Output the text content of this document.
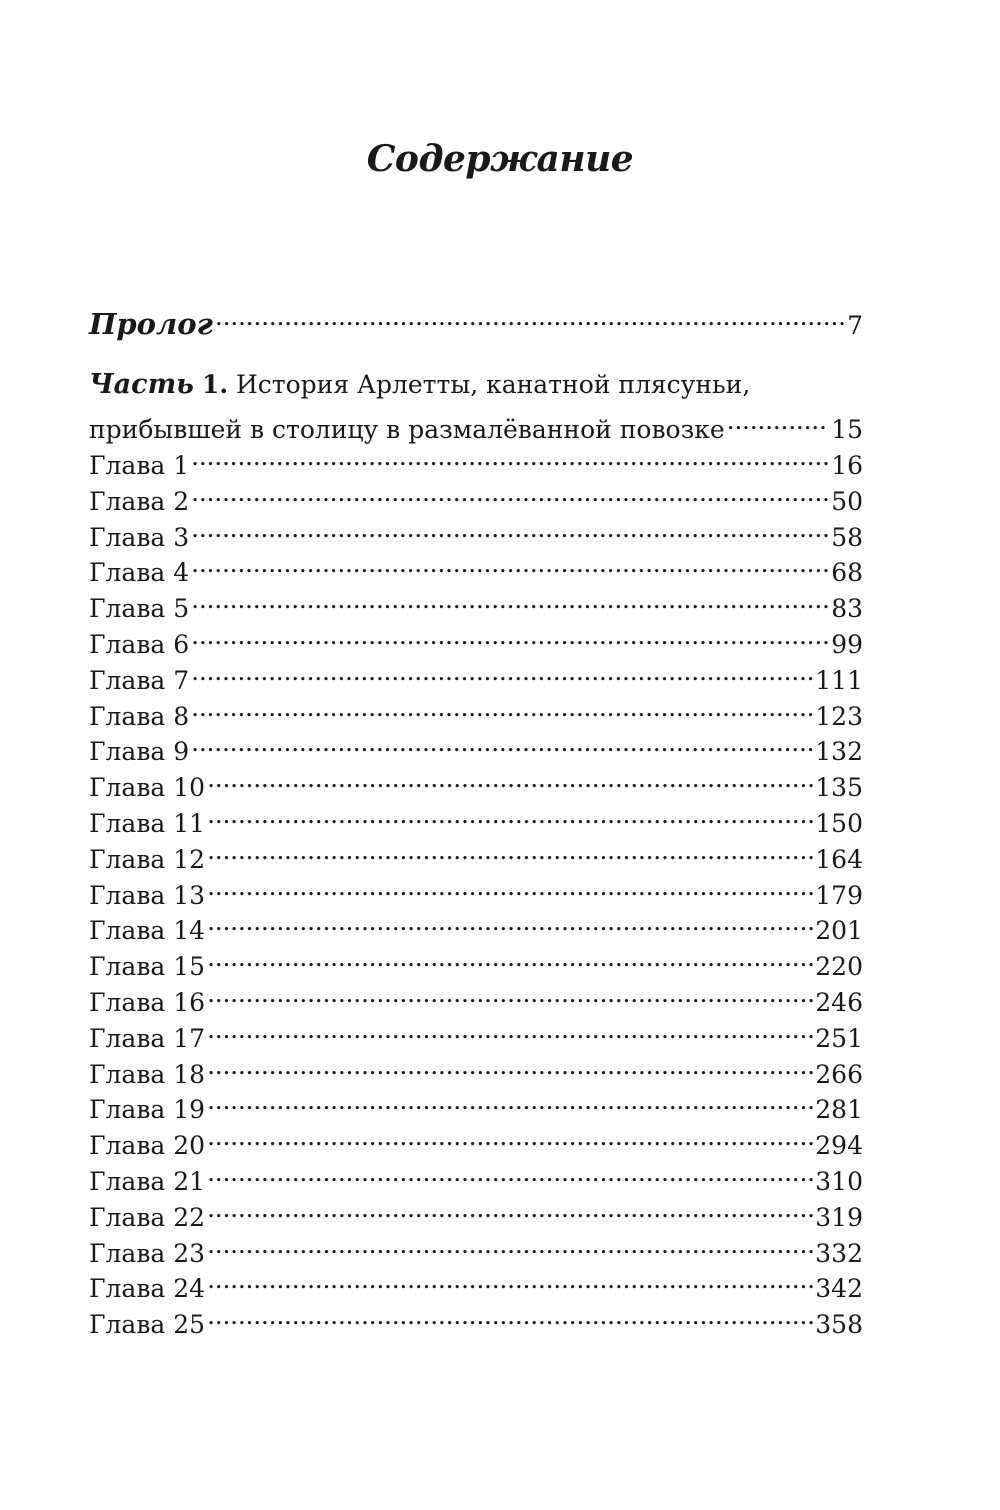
Содержание
Пролог . . .	7
Часть 1. История Арлетты, канатной плясуньи,
прибывшей в столицу в размалёванной повозке . . .	15
Глава 1 . . .	16
Глава 2 . . .	50
Глава 3 . . .	58
Глава 4 . . .	68
Глава 5 . . .	83
Глава 6 . . .	99
Глава 7 . . .	111
Глава 8 . . .	123
Глава 9 . . .	132
Глава 10 . . .	135
Глава 11 . . .	150
Глава 12 . . .	164
Глава 13 . . .	179
Глава 14 . . .	201
Глава 15 . . .	220
Глава 16 . . .	246
Глава 17 . . .	251
Глава 18 . . .	266
Глава 19 . . .	281
Глава 20 . . .	294
Глава 21 . . .	310
Глава 22 . . .	319
Глава 23 . . .	332
Глава 24 . . .	342
Глава 25 . . .	358
